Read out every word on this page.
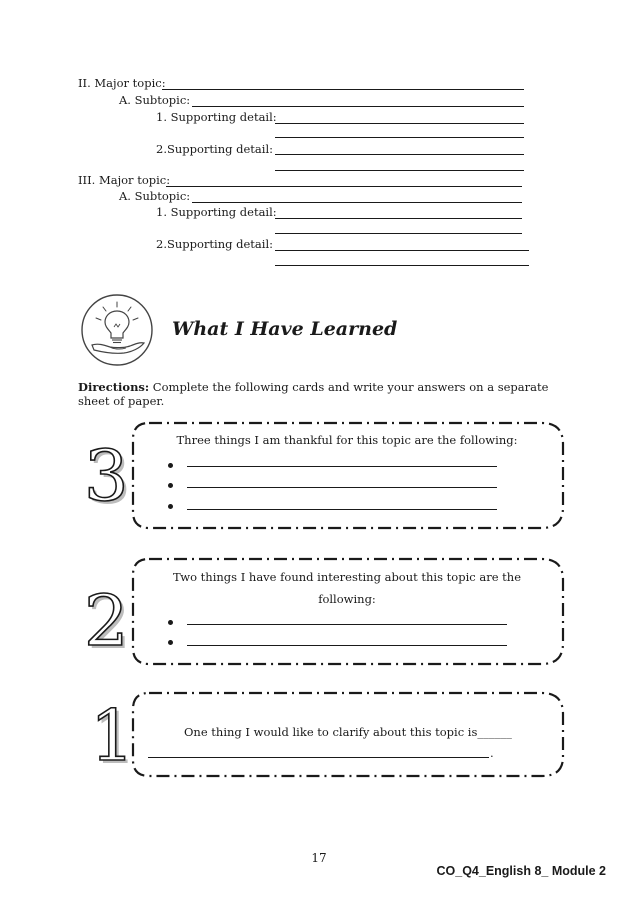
II. Major topic:
A. Subtopic:
1. Supporting detail:
2.Supporting detail:
III. Major topic:
A. Subtopic:
1. Supporting detail:
2.Supporting detail:
What I Have Learned
Directions: Complete the following cards and write your answers on a separate sheet of paper.
3	Three things I am thankful for this topic are the following:
2
Two things I have found interesting about this topic are the
following:
1	One thing I would like to clarify about this topic is______
.
17
CO_Q4_English 8_ Module 2
